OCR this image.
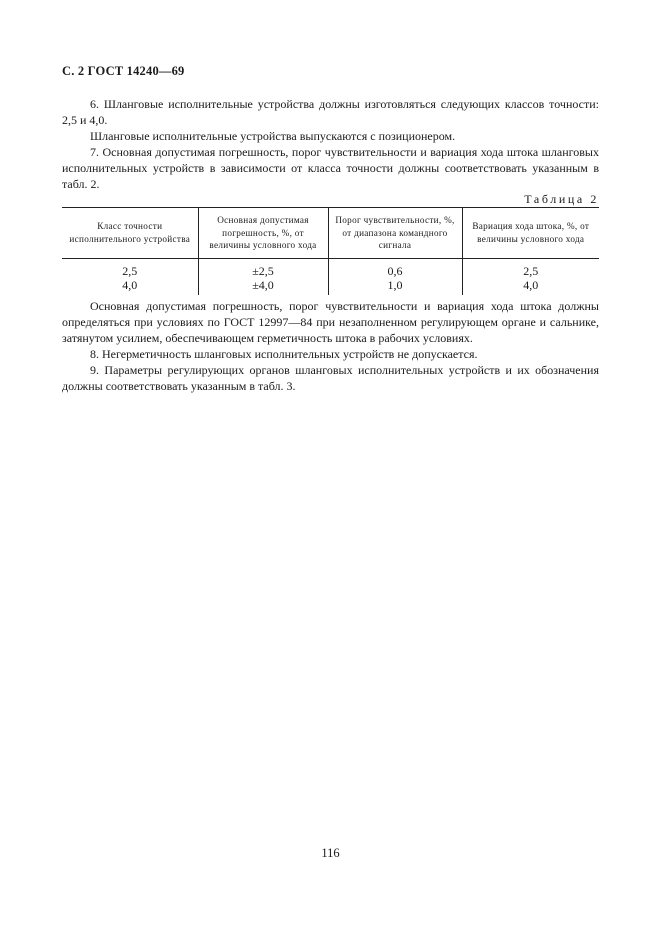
С. 2 ГОСТ 14240—69

6. Шланговые исполнительные устройства должны изготовляться следующих классов точности: 2,5 и 4,0.

Шланговые исполнительные устройства выпускаются с позиционером.

7. Основная допустимая погрешность, порог чувствительности и вариация хода штока шланговых исполнительных устройств в зависимости от класса точности должны соответствовать указанным в табл. 2.

Таблица 2
Класс точности исполнительного устройства	Основная допустимая погрешность, %, от величины условного хода	Порог чувствительности, %, от диапазона командного сигнала	Вариация хода штока, %, от величины условного хода
2,5	±2,5	0,6	2,5
4,0	±4,0	1,0	4,0

Основная допустимая погрешность, порог чувствительности и вариация хода штока должны определяться при условиях по ГОСТ 12997—84 при незаполненном регулирующем органе и сальнике, затянутом усилием, обеспечивающем герметичность штока в рабочих условиях.

8. Негерметичность шланговых исполнительных устройств не допускается.

9. Параметры регулирующих органов шланговых исполнительных устройств и их обозначения должны соответствовать указанным в табл. 3.

116
